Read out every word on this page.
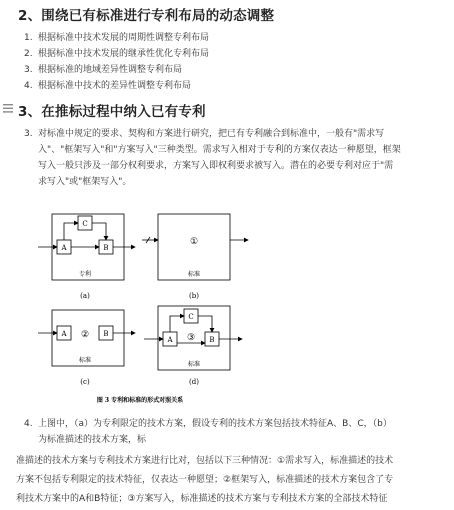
2、围绕已有标准进行专利布局的动态调整
1. 根据标准中技术发展的周期性调整专利布局
2. 根据标准中技术发展的继承性优化专利布局
3. 根据标准的地域差异性调整专利布局
4. 根据标准中技术的差异性调整专利布局
3、在推标过程中纳入已有专利
3. 对标准中规定的要求、契构和方案进行研究，把已有专利融合到标准中，一般有"需求写
入"、"框架写入"和"方案写入"三种类型。需求写入相对于专利的方案仅表达一种愿望，框架
写入一般只涉及一部分权利要求，方案写入即权利要求被写入。潜在的必要专利对应于"需
求写入"或"框架写入"。
A	B
C
专利
(a)
①
标准
(b)
A	B
②
标准
(c)
A	B
C
③
标准
(d)
图 3 专利和标准的形式对照关系
4. 上图中，（a）为专利限定的技术方案，假设专利的技术方案包括技术特征A、B、C，（b）
为标准描述的技术方案，标
准描述的技术方案与专利技术方案进行比对，包括以下三种情况：①需求写入，标准描述的技术
方案不包括专利限定的技术特征，仅表达一种愿望；②框架写入，标准描述的技术方案包含了专
利技术方案中的A和B特征；③方案写入，标准描述的技术方案与专利技术方案的全部技术特征
